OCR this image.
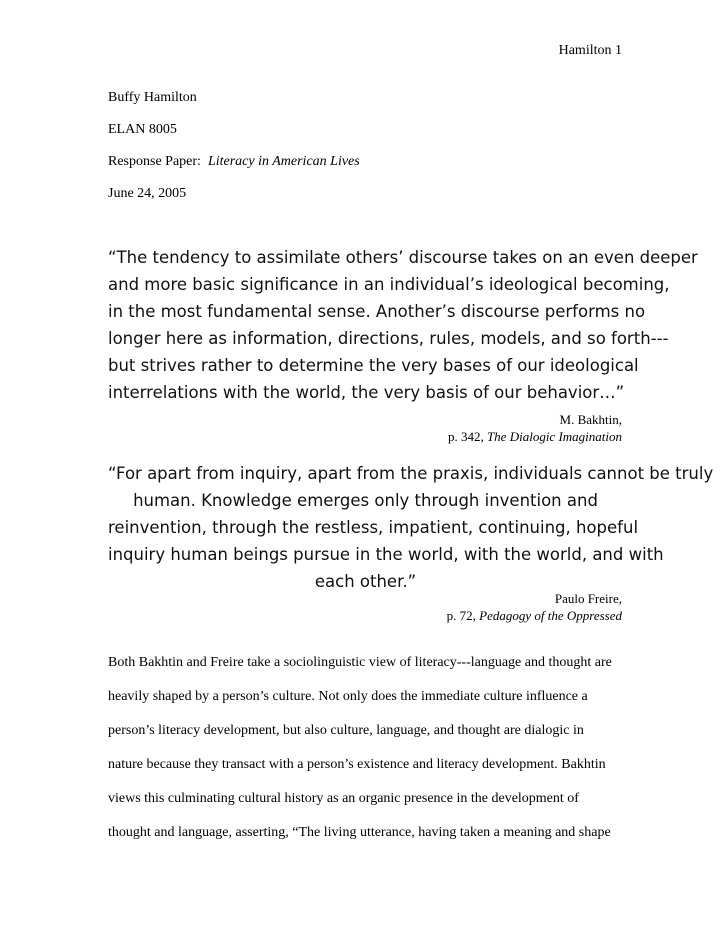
Hamilton 1
Buffy Hamilton
ELAN 8005
Response Paper: Literacy in American Lives
June 24, 2005
“The tendency to assimilate others’ discourse takes on an even deeper
and more basic significance in an individual’s ideological becoming,
in the most fundamental sense. Another’s discourse performs no
longer here as information, directions, rules, models, and so forth---
but strives rather to determine the very bases of our ideological
interrelations with the world, the very basis of our behavior…”
M. Bakhtin,
p. 342, The Dialogic Imagination
“For apart from inquiry, apart from the praxis, individuals cannot be truly
human. Knowledge emerges only through invention and
reinvention, through the restless, impatient, continuing, hopeful
inquiry human beings pursue in the world, with the world, and with
each other.”
Paulo Freire,
p. 72, Pedagogy of the Oppressed
Both Bakhtin and Freire take a sociolinguistic view of literacy---language and thought are
heavily shaped by a person’s culture. Not only does the immediate culture influence a
person’s literacy development, but also culture, language, and thought are dialogic in
nature because they transact with a person’s existence and literacy development. Bakhtin
views this culminating cultural history as an organic presence in the development of
thought and language, asserting, “The living utterance, having taken a meaning and shape
